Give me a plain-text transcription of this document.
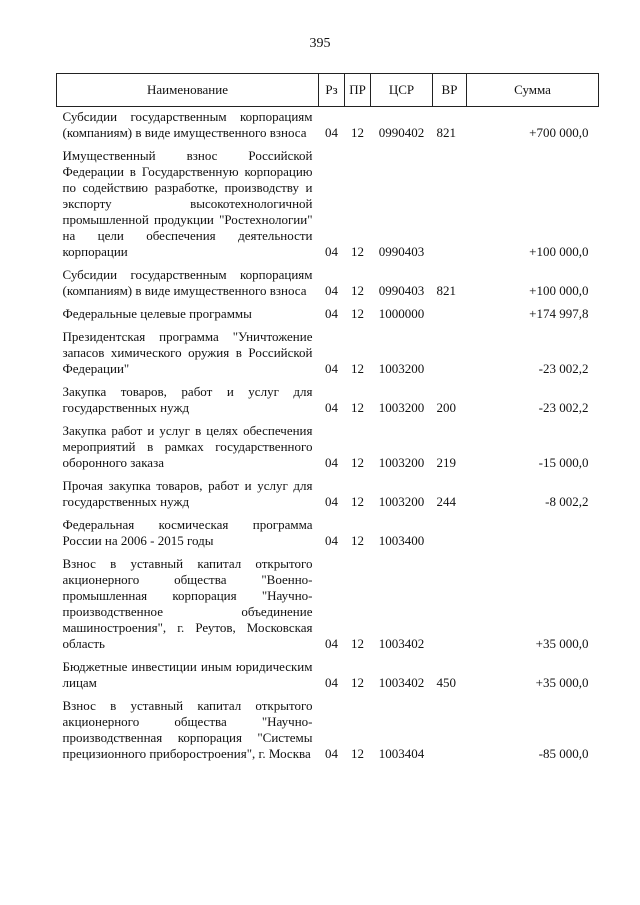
395
Наименование	Рз	ПР	ЦСР	ВР	Сумма
Субсидии государственным корпорациям (компаниям) в виде имущественного взноса	04	12	0990402	821	+700 000,0
Имущественный взнос Российской Федерации в Государственную корпорацию по содействию разработке, производству и экспорту высокотехнологичной промышленной продукции "Ростехнологии" на цели обеспечения деятельности корпорации	04	12	0990403		+100 000,0
Субсидии государственным корпорациям (компаниям) в виде имущественного взноса	04	12	0990403	821	+100 000,0
Федеральные целевые программы	04	12	1000000		+174 997,8
Президентская программа "Уничтожение запасов химического оружия в Российской Федерации"	04	12	1003200		-23 002,2
Закупка товаров, работ и услуг для государственных нужд	04	12	1003200	200	-23 002,2
Закупка работ и услуг в целях обеспечения мероприятий в рамках государственного оборонного заказа	04	12	1003200	219	-15 000,0
Прочая закупка товаров, работ и услуг для государственных нужд	04	12	1003200	244	-8 002,2
Федеральная космическая программа России на 2006 - 2015 годы	04	12	1003400		
Взнос в уставный капитал открытого акционерного общества "Военно-промышленная корпорация "Научно-производственное объединение машиностроения", г. Реутов, Московская область	04	12	1003402		+35 000,0
Бюджетные инвестиции иным юридическим лицам	04	12	1003402	450	+35 000,0
Взнос в уставный капитал открытого акционерного общества "Научно-производственная корпорация "Системы прецизионного приборостроения", г. Москва	04	12	1003404		-85 000,0
